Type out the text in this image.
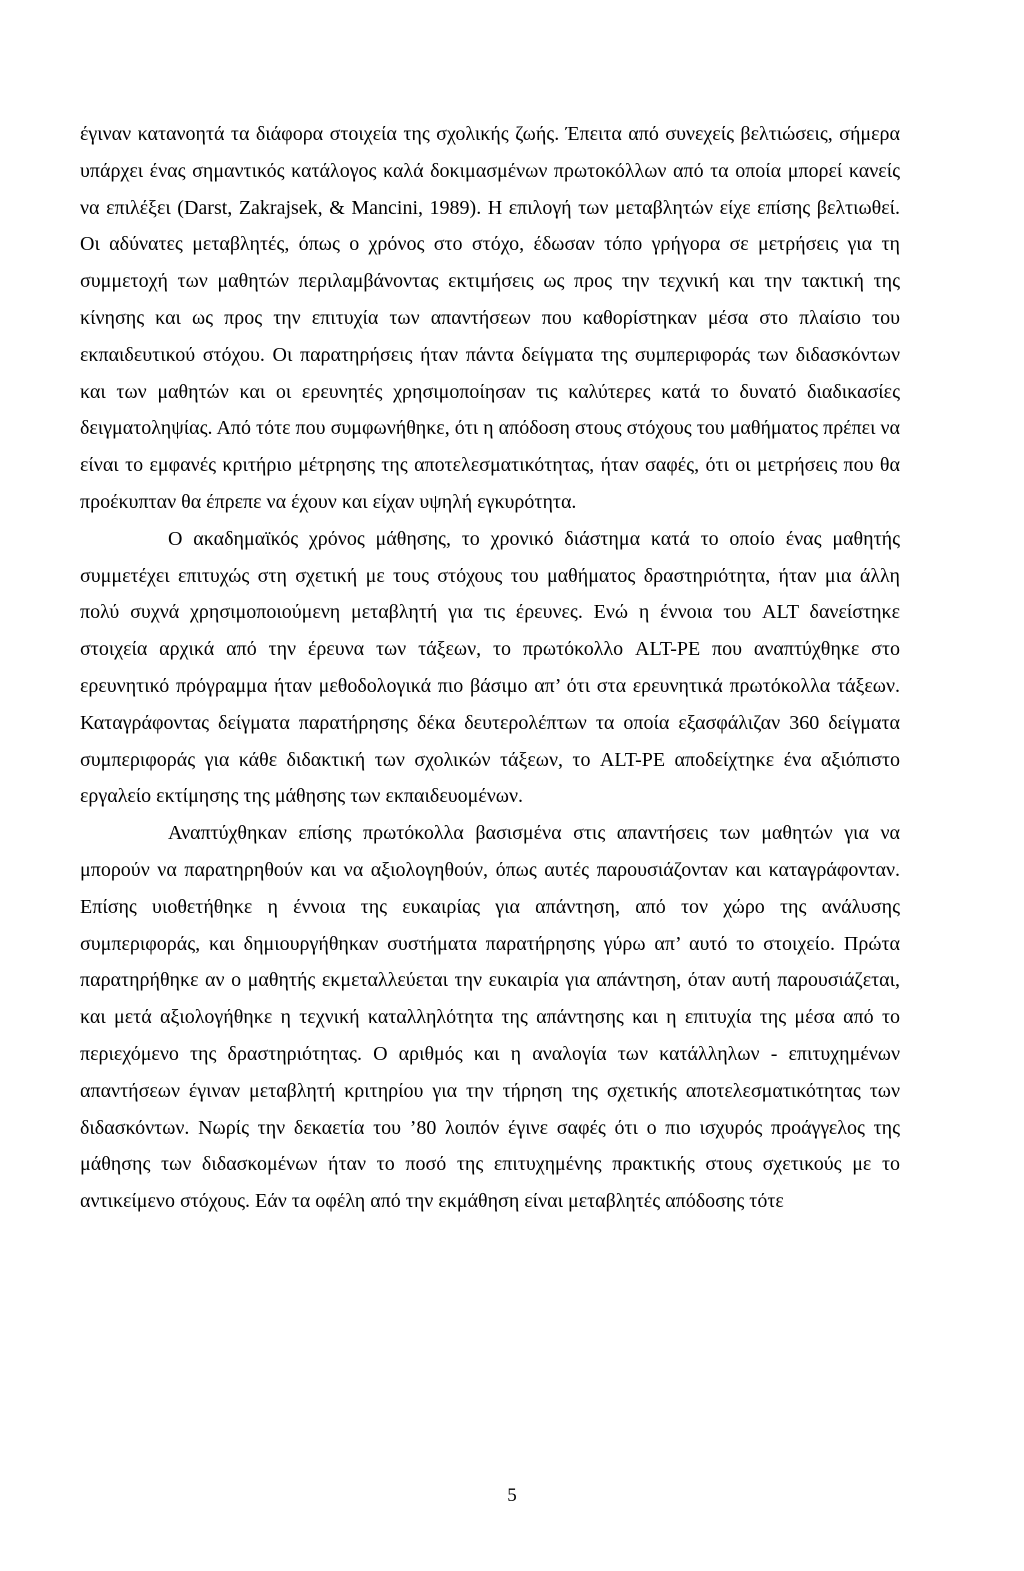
έγιναν κατανοητά τα διάφορα στοιχεία της σχολικής ζωής. Έπειτα από συνεχείς βελτιώσεις, σήμερα υπάρχει ένας σημαντικός κατάλογος καλά δοκιμασμένων πρωτοκόλλων από τα οποία μπορεί κανείς να επιλέξει (Darst, Zakrajsek, & Mancini, 1989). Η επιλογή των μεταβλητών είχε επίσης βελτιωθεί. Οι αδύνατες μεταβλητές, όπως ο χρόνος στο στόχο, έδωσαν τόπο γρήγορα σε μετρήσεις για τη συμμετοχή των μαθητών περιλαμβάνοντας εκτιμήσεις ως προς την τεχνική και την τακτική της κίνησης και ως προς την επιτυχία των απαντήσεων που καθορίστηκαν μέσα στο πλαίσιο του εκπαιδευτικού στόχου. Οι παρατηρήσεις ήταν πάντα δείγματα της συμπεριφοράς των διδασκόντων και των μαθητών και οι ερευνητές χρησιμοποίησαν τις καλύτερες κατά το δυνατό διαδικασίες δειγματοληψίας. Από τότε που συμφωνήθηκε, ότι η απόδοση στους στόχους του μαθήματος πρέπει να είναι το εμφανές κριτήριο μέτρησης της αποτελεσματικότητας, ήταν σαφές, ότι οι μετρήσεις που θα προέκυπταν θα έπρεπε να έχουν και είχαν υψηλή εγκυρότητα.

Ο ακαδημαϊκός χρόνος μάθησης, το χρονικό διάστημα κατά το οποίο ένας μαθητής συμμετέχει επιτυχώς στη σχετική με τους στόχους του μαθήματος δραστηριότητα, ήταν μια άλλη πολύ συχνά χρησιμοποιούμενη μεταβλητή για τις έρευνες. Ενώ η έννοια του ALT δανείστηκε στοιχεία αρχικά από την έρευνα των τάξεων, το πρωτόκολλο ALT-PE που αναπτύχθηκε στο ερευνητικό πρόγραμμα ήταν μεθοδολογικά πιο βάσιμο απ’ ότι στα ερευνητικά πρωτόκολλα τάξεων. Καταγράφοντας δείγματα παρατήρησης δέκα δευτερολέπτων τα οποία εξασφάλιζαν 360 δείγματα συμπεριφοράς για κάθε διδακτική των σχολικών τάξεων, το ALT-PE αποδείχτηκε ένα αξιόπιστο εργαλείο εκτίμησης της μάθησης των εκπαιδευομένων.

Αναπτύχθηκαν επίσης πρωτόκολλα βασισμένα στις απαντήσεις των μαθητών για να μπορούν να παρατηρηθούν και να αξιολογηθούν, όπως αυτές παρουσιάζονταν και καταγράφονταν. Επίσης υιοθετήθηκε η έννοια της ευκαιρίας για απάντηση, από τον χώρο της ανάλυσης συμπεριφοράς, και δημιουργήθηκαν συστήματα παρατήρησης γύρω απ’ αυτό το στοιχείο. Πρώτα παρατηρήθηκε αν ο μαθητής εκμεταλλεύεται την ευκαιρία για απάντηση, όταν αυτή παρουσιάζεται, και μετά αξιολογήθηκε η τεχνική καταλληλότητα της απάντησης και η επιτυχία της μέσα από το περιεχόμενο της δραστηριότητας. Ο αριθμός και η αναλογία των κατάλληλων - επιτυχημένων απαντήσεων έγιναν μεταβλητή κριτηρίου για την τήρηση της σχετικής αποτελεσματικότητας των διδασκόντων. Νωρίς την δεκαετία του ’80 λοιπόν έγινε σαφές ότι ο πιο ισχυρός προάγγελος της μάθησης των διδασκομένων ήταν το ποσό της επιτυχημένης πρακτικής στους σχετικούς με το αντικείμενο στόχους. Εάν τα οφέλη από την εκμάθηση είναι μεταβλητές απόδοσης τότε

5
